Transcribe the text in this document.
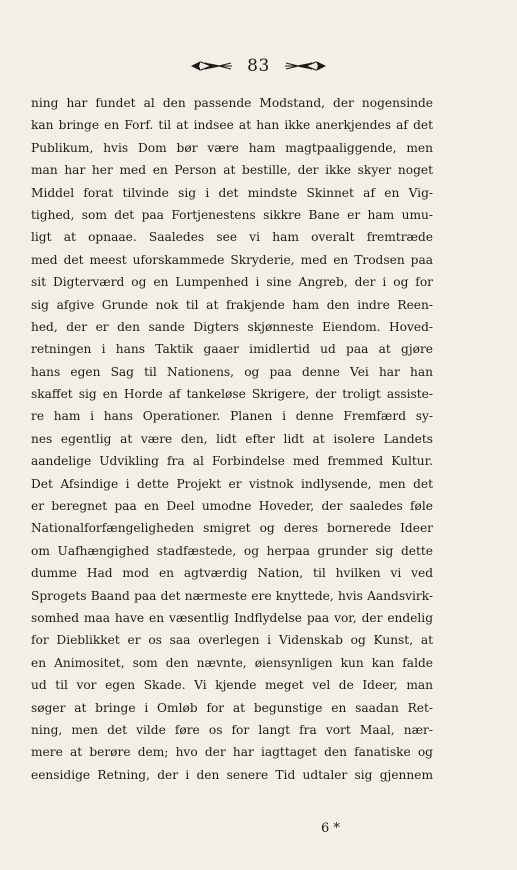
83
ning har fundet al den passende Modstand, der nogensinde
kan bringe en Forf. til at indsee at han ikke anerkjendes af det
Publikum, hvis Dom bør være ham magtpaaliggende, men
man har her med en Person at bestille, der ikke skyer noget
Middel forat tilvinde sig i det mindste Skinnet af en Vig-
tighed, som det paa Fortjenestens sikkre Bane er ham umu-
ligt at opnaae. Saaledes see vi ham overalt fremtræde
med det meest uforskammede Skryderie, med en Trodsen paa
sit Digterværd og en Lumpenhed i sine Angreb, der i og for
sig afgive Grunde nok til at frakjende ham den indre Reen-
hed, der er den sande Digters skjønneste Eiendom. Hoved-
retningen i hans Taktik gaaer imidlertid ud paa at gjøre
hans egen Sag til Nationens, og paa denne Vei har han
skaffet sig en Horde af tankeløse Skrigere, der troligt assiste-
re ham i hans Operationer. Planen i denne Fremfærd sy-
nes egentlig at være den, lidt efter lidt at isolere Landets
aandelige Udvikling fra al Forbindelse med fremmed Kultur.
Det Afsindige i dette Projekt er vistnok indlysende, men det
er beregnet paa en Deel umodne Hoveder, der saaledes føle
Nationalforfængeligheden smigret og deres bornerede Ideer
om Uafhængighed stadfæstede, og herpaa grunder sig dette
dumme Had mod en agtværdig Nation, til hvilken vi ved
Sprogets Baand paa det nærmeste ere knyttede, hvis Aandsvirk-
somhed maa have en væsentlig Indflydelse paa vor, der endelig
for Dieblikket er os saa overlegen i Videnskab og Kunst, at
en Animositet, som den nævnte, øiensynligen kun kan falde
ud til vor egen Skade. Vi kjende meget vel de Ideer, man
søger at bringe i Omløb for at begunstige en saadan Ret-
ning, men det vilde føre os for langt fra vort Maal, nær-
mere at berøre dem; hvo der har iagttaget den fanatiske og
eensidige Retning, der i den senere Tid udtaler sig gjennem
6 *
